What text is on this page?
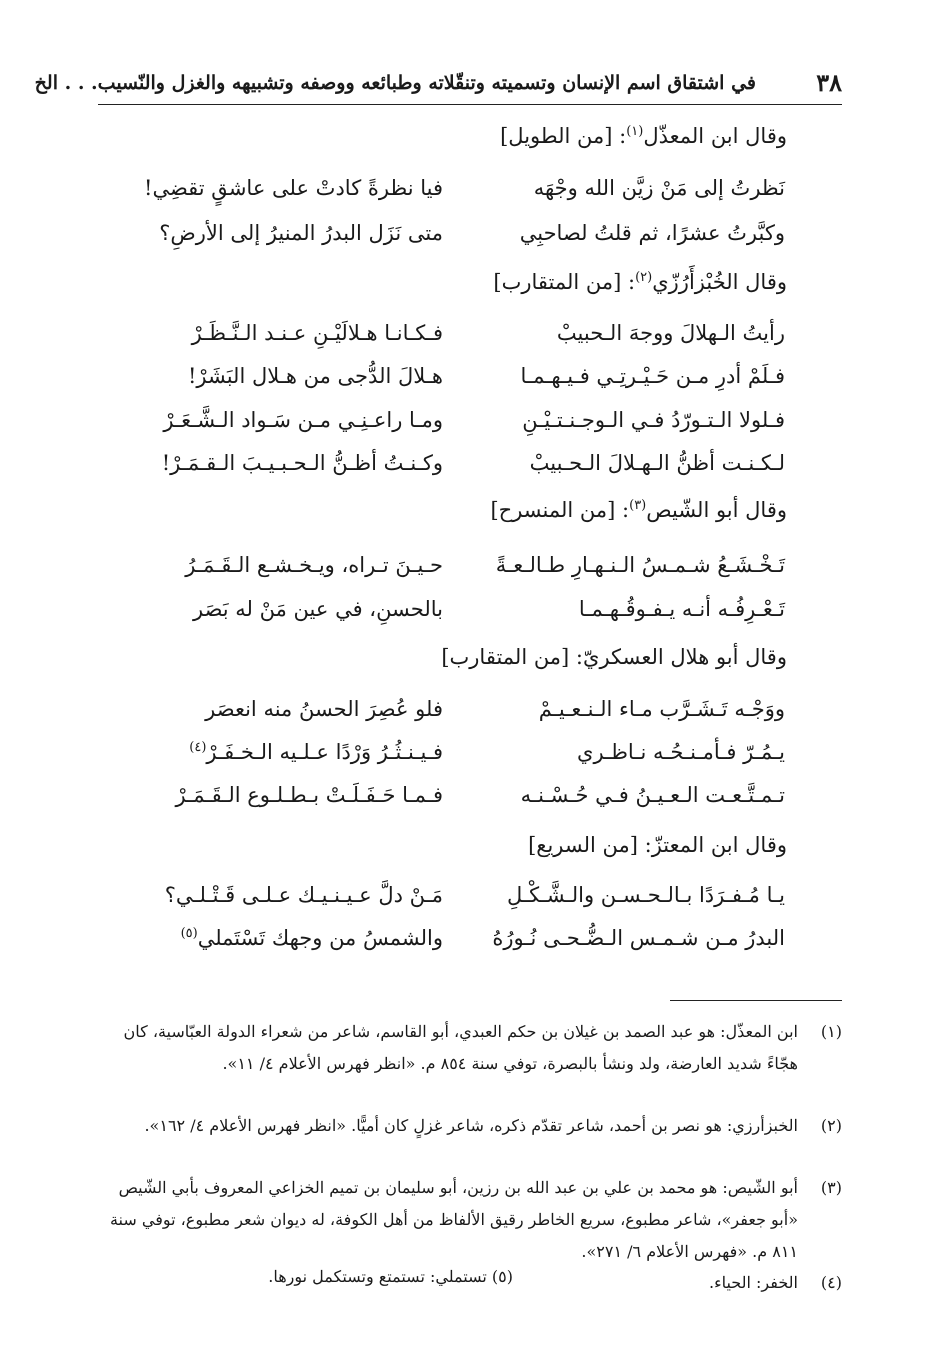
٣٨
في اشتقاق اسم الإنسان وتسميته وتنقّلاته وطبائعه ووصفه وتشبيهه والغزل والنّسيب. . . الخ
وقال ابن المعذّل$^{(١)}$: [من الطويل]
نَظرتُ إلى مَنْ زيَّن الله وجْهَه
فيا نظرةً كادتْ على عاشقٍ تقضِي!
وكبَّرتُ عشرًا، ثم قلتُ لصاحبِي
متى نَزَل البدرُ المنيرُ إلى الأرضِ؟
وقال الخُبْزأَرُزّي$^{(٢)}$: [من المتقارب]
رأيتُ الـهلالَ ووجهَ الـحبيبْ
فـكـانـا هـلالَيْـنِ عـنـد الـنَّـظَـرْ
فـلَمْ أدرِ مـن حَـيْـرتِـي فـيـهـمـا
هـلالَ الدُّجى من هـلال البَشَرْ!
فـلولا الـتـورّدُ فـي الـوجـنـتـيْـنِ
ومـا راعـنِـي مـن سَـواد الـشَّـعَـرْ
لـكـنـت أظنُّ الـهـلالَ الـحـبيبْ
وكـنـتُ أظـنُّ الـحـبـيـبَ الـقـمَـرْ!
وقال أبو الشّيص$^{(٣)}$: [من المنسرح]
تَـخْـشَـعُ شـمـسُ الـنـهـارِ طـالـعـةً
حـيـنَ تـراه، ويـخـشـع الـقَـمَـرُ
تَـعْـرِفُـه أنـه يـفـوقُـهـمـا
بالحسنِ، في عين مَنْ له بَصَر
وقال أبو هلال العسكريّ: [من المتقارب]
ووَجْـه تَـشَـرَّب مـاء الـنـعـيـمْ
فلو عُصِرَ الحسنُ منه انعصَر
يـمُـرّ فـأمـنـحُـه نـاظـري
فـيـنـثُـرُ وَرْدًا عـلـيه الـخـفَـرْ$^{(٤)}$
تـمـتَّـعـت الـعـيـنُ فـي حُـسْـنـه
فـمـا حَـفَـلَـتْ بـطـلـوع الـقَـمَـرْ
وقال ابن المعتزّ: [من السريع]
يـا مُـفـرَدًا بـالـحـسـن والـشَّـكْـلِ
مَـنْ دلَّ عـيـنـيـك عـلـى قَـتْـلـي؟
البدرُ مـن شـمـس الـضُّـحـى نُـورُهُ
والشمسُ من وجهك تَسْتَملي$^{(٥)}$
(١)
ابن المعذّل: هو عبد الصمد بن غيلان بن حكم العبدي، أبو القاسم، شاعر من شعراء الدولة العبّاسية، كان هجّاءً شديد العارضة، ولد ونشأ بالبصرة، توفي سنة ٨٥٤ م. «انظر فهرس الأعلام ٤/ ١١».
(٢)
الخبزأرزي: هو نصر بن أحمد، شاعر تقدّم ذكره، شاعر غزلٍ كان أميًّا. «انظر فهرس الأعلام ٤/ ١٦٢».
(٣)
أبو الشّيص: هو محمد بن علي بن عبد الله بن رزين، أبو سليمان بن تميم الخزاعي المعروف بأبي الشّيص «أبو جعفر»، شاعر مطبوع، سريع الخاطر رقيق الألفاظ من أهل الكوفة، له ديوان شعر مطبوع، توفي سنة ٨١١ م. «فهرس الأعلام ٦/ ٢٧١».
(٤)
الخفر: الحياء.
(٥) تستملي: تستمتع وتستكمل نورها.
